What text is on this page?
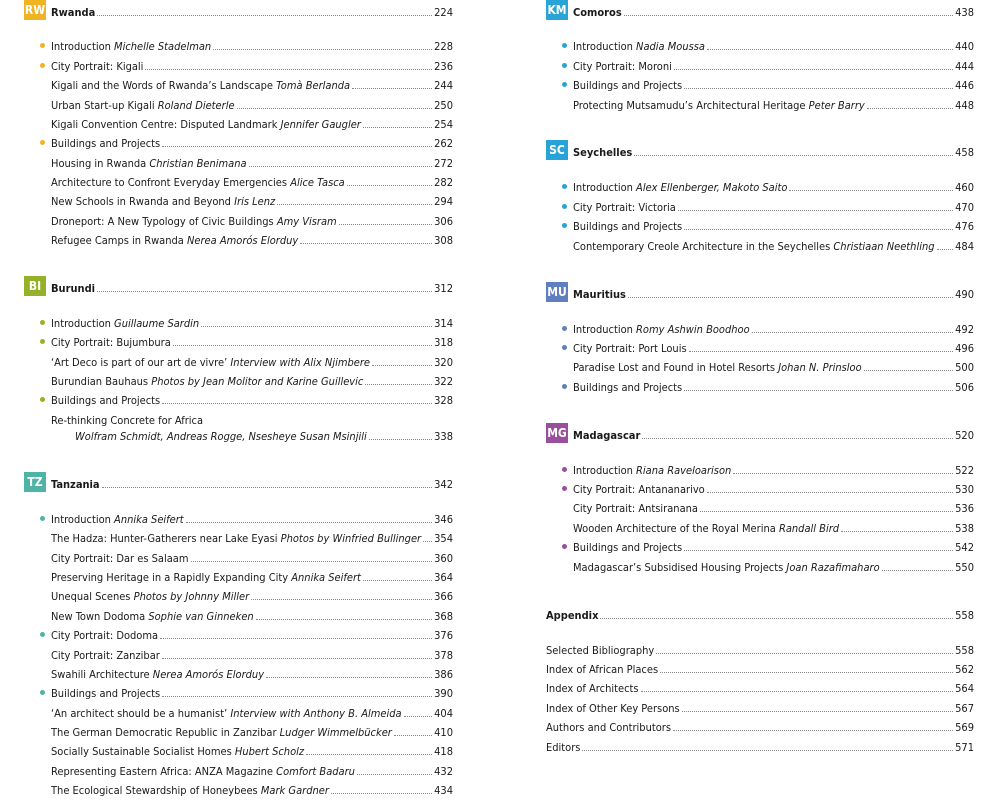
RW Rwanda	224
Introduction Michelle Stadelman	228
City Portrait: Kigali	236
Kigali and the Words of Rwanda’s Landscape Tomà Berlanda	244
Urban Start-up Kigali Roland Dieterle	250
Kigali Convention Centre: Disputed Landmark Jennifer Gaugler	254
Buildings and Projects	262
Housing in Rwanda Christian Benimana	272
Architecture to Confront Everyday Emergencies Alice Tasca	282
New Schools in Rwanda and Beyond Iris Lenz	294
Droneport: A New Typology of Civic Buildings Amy Visram	306
Refugee Camps in Rwanda Nerea Amorós Elorduy	308
BI Burundi	312
Introduction Guillaume Sardin	314
City Portrait: Bujumbura	318
‘Art Deco is part of our art de vivre’ Interview with Alix Njimbere	320
Burundian Bauhaus Photos by Jean Molitor and Karine Guillevic	322
Buildings and Projects	328
Re-thinking Concrete for Africa
Wolfram Schmidt, Andreas Rogge, Nsesheye Susan Msinjili	338
TZ Tanzania	342
Introduction Annika Seifert	346
The Hadza: Hunter-Gatherers near Lake Eyasi Photos by Winfried Bullinger 354
City Portrait: Dar es Salaam	360
Preserving Heritage in a Rapidly Expanding City Annika Seifert	364
Unequal Scenes Photos by Johnny Miller	366
New Town Dodoma Sophie van Ginneken	368
City Portrait: Dodoma	376
City Portrait: Zanzibar	378
Swahili Architecture Nerea Amorós Elorduy	386
Buildings and Projects	390
‘An architect should be a humanist’ Interview with Anthony B. Almeida	404
The German Democratic Republic in Zanzibar Ludger Wimmelbücker	410
Socially Sustainable Socialist Homes Hubert Scholz	418
Representing Eastern Africa: ANZA Magazine Comfort Badaru	432
The Ecological Stewardship of Honeybees Mark Gardner	434
KM Comoros	438
Introduction Nadia Moussa	440
City Portrait: Moroni	444
Buildings and Projects	446
Protecting Mutsamudu’s Architectural Heritage Peter Barry	448
SC Seychelles	458
Introduction Alex Ellenberger, Makoto Saito	460
City Portrait: Victoria	470
Buildings and Projects	476
Contemporary Creole Architecture in the Seychelles Christiaan Neethling 484
MU Mauritius	490
Introduction Romy Ashwin Boodhoo	492
City Portrait: Port Louis	496
Paradise Lost and Found in Hotel Resorts Johan N. Prinsloo	500
Buildings and Projects	506
MG Madagascar	520
Introduction Riana Raveloarison	522
City Portrait: Antananarivo	530
City Portrait: Antsiranana	536
Wooden Architecture of the Royal Merina Randall Bird	538
Buildings and Projects	542
Madagascar’s Subsidised Housing Projects Joan Razafimaharo	550
Appendix	558
Selected Bibliography	558
Index of African Places	562
Index of Architects	564
Index of Other Key Persons	567
Authors and Contributors	569
Editors	571
